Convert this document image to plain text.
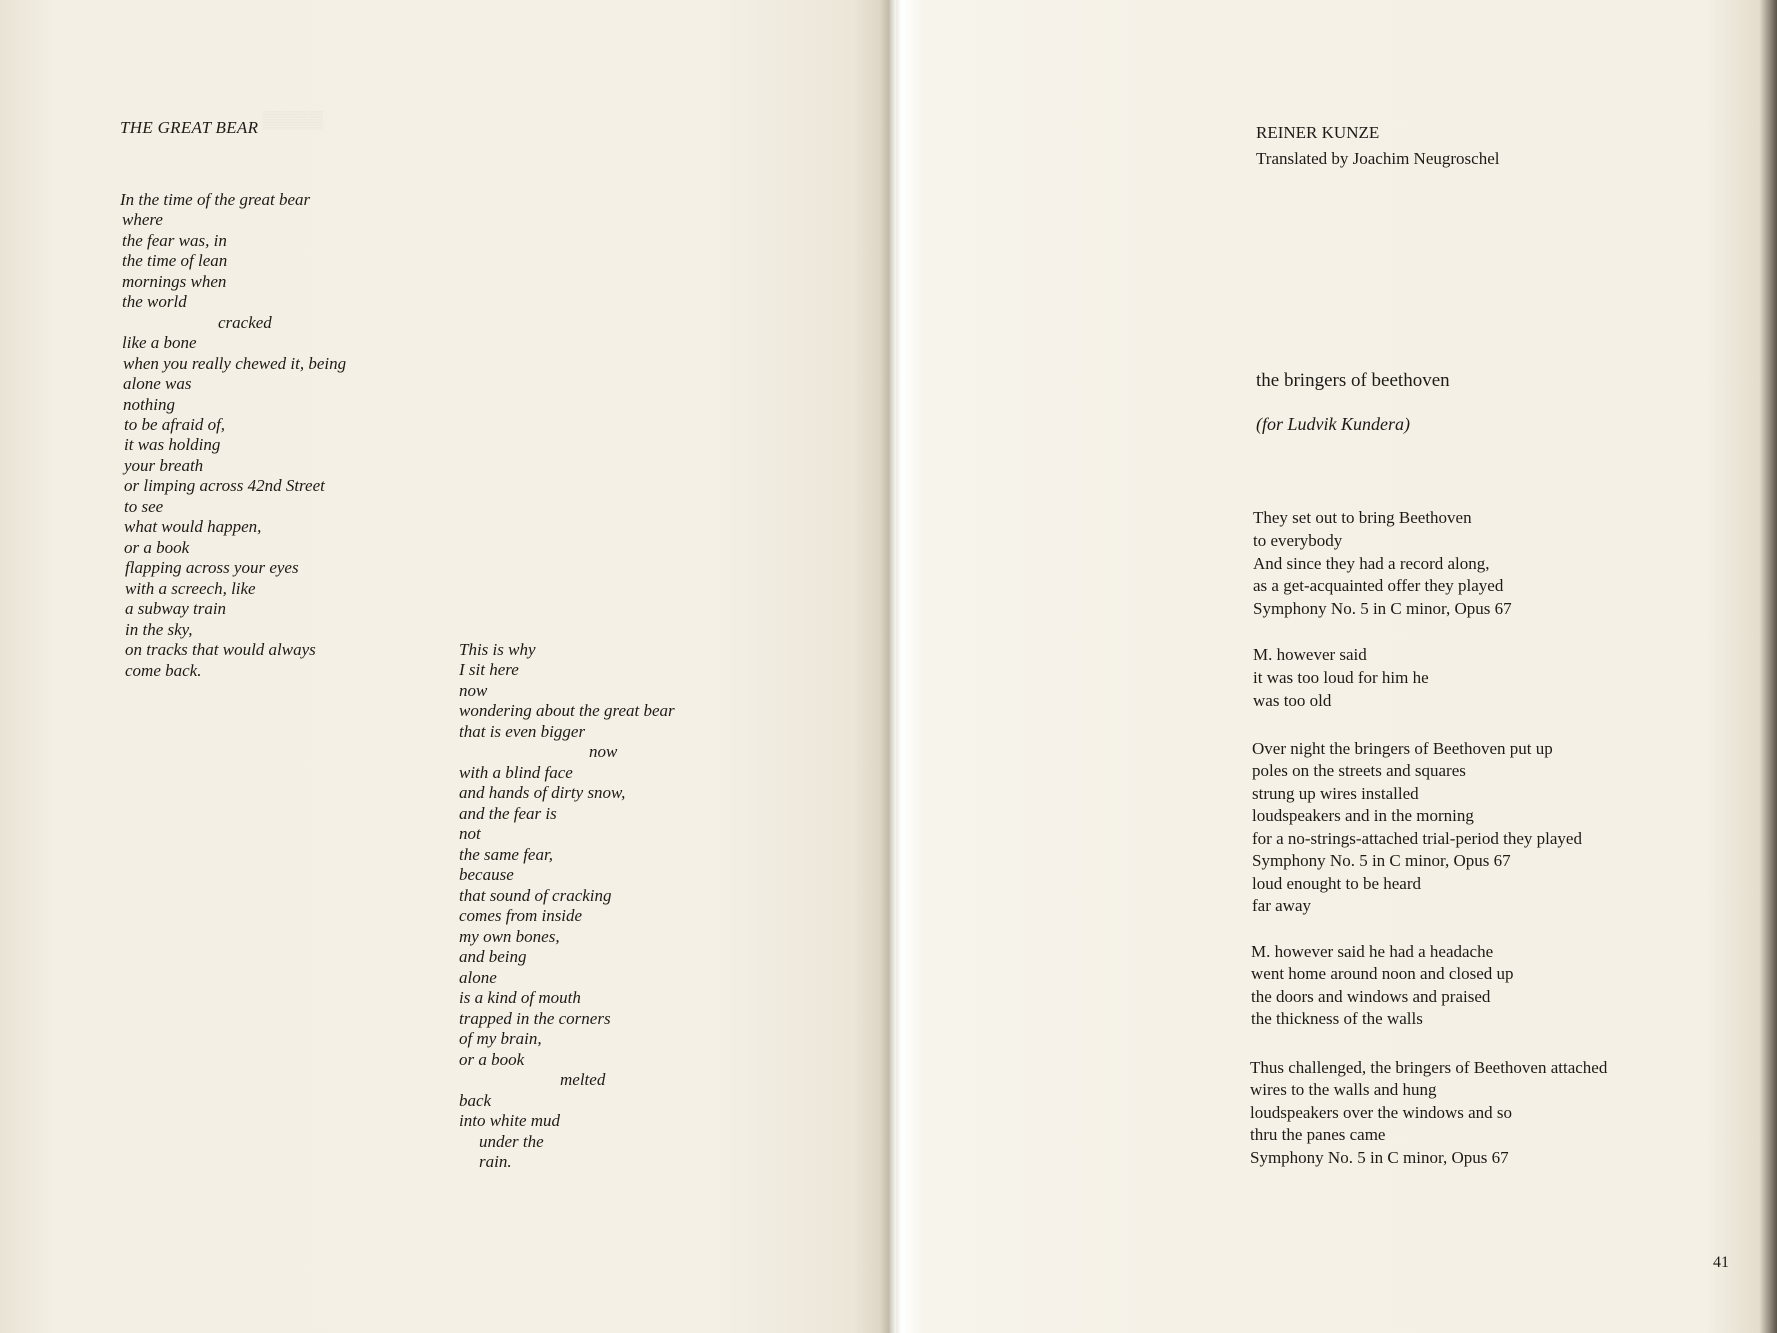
▒▒▒▒▒
THE GREAT BEAR
In the time of the great bear
where
the fear was, in
the time of lean
mornings when
the world
cracked
like a bone
when you really chewed it, being
alone was
nothing
to be afraid of,
it was holding
your breath
or limping across 42nd Street
to see
what would happen,
or a book
flapping across your eyes
with a screech, like
a subway train
in the sky,
on tracks that would always
come back.
This is why
I sit here
now
wondering about the great bear
that is even bigger
now
with a blind face
and hands of dirty snow,
and the fear is
not
the same fear,
because
that sound of cracking
comes from inside
my own bones,
and being
alone
is a kind of mouth
trapped in the corners
of my brain,
or a book
melted
back
into white mud
under the
rain.
REINER KUNZE
Translated by Joachim Neugroschel
the bringers of beethoven
(for Ludvik Kundera)
They set out to bring Beethoven
to everybody
And since they had a record along,
as a get-acquainted offer they played
Symphony No. 5 in C minor, Opus 67
M. however said
it was too loud for him he
was too old
Over night the bringers of Beethoven put up
poles on the streets and squares
strung up wires installed
loudspeakers and in the morning
for a no-strings-attached trial-period they played
Symphony No. 5 in C minor, Opus 67
loud enought to be heard
far away
M. however said he had a headache
went home around noon and closed up
the doors and windows and praised
the thickness of the walls
Thus challenged, the bringers of Beethoven attached
wires to the walls and hung
loudspeakers over the windows and so
thru the panes came
Symphony No. 5 in C minor, Opus 67
41
